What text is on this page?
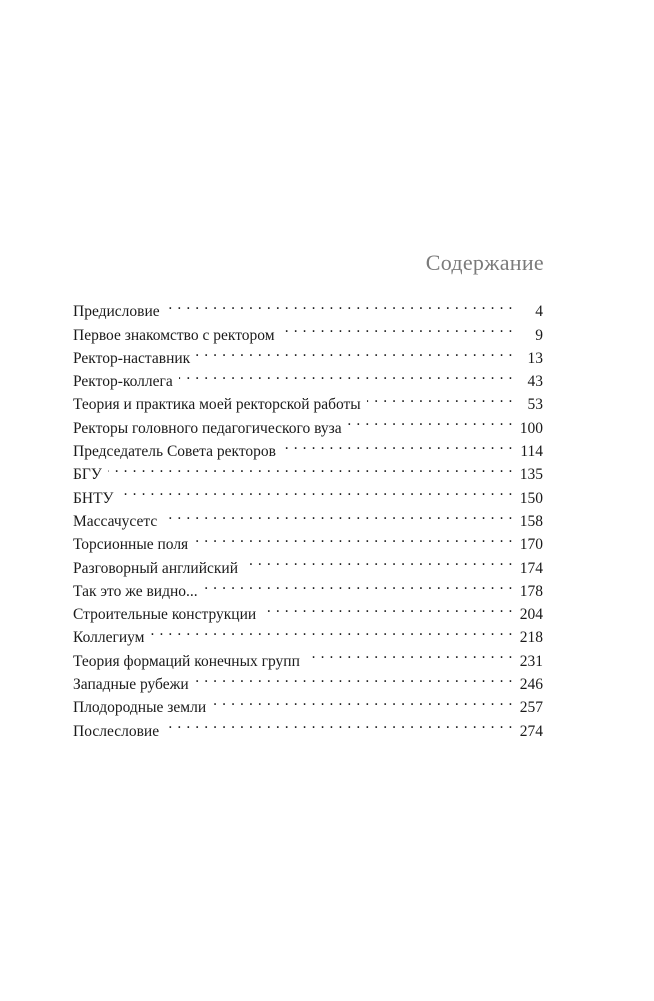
Содержание
Предисловие . . .	4
Первое знакомство с ректором . . .	9
Ректор-наставник . . .	13
Ректор-коллега . . .	43
Теория и практика моей ректорской работы . . .	53
Ректоры головного педагогического вуза . . .	100
Председатель Совета ректоров . . .	114
БГУ . . .	135
БНТУ . . .	150
Массачусетс . . .	158
Торсионные поля . . .	170
Разговорный английский . . .	174
Так это же видно... . . .	178
Строительные конструкции . . .	204
Коллегиум . . .	218
Теория формаций конечных групп . . .	231
Западные рубежи . . .	246
Плодородные земли . . .	257
Послесловие . . .	274
